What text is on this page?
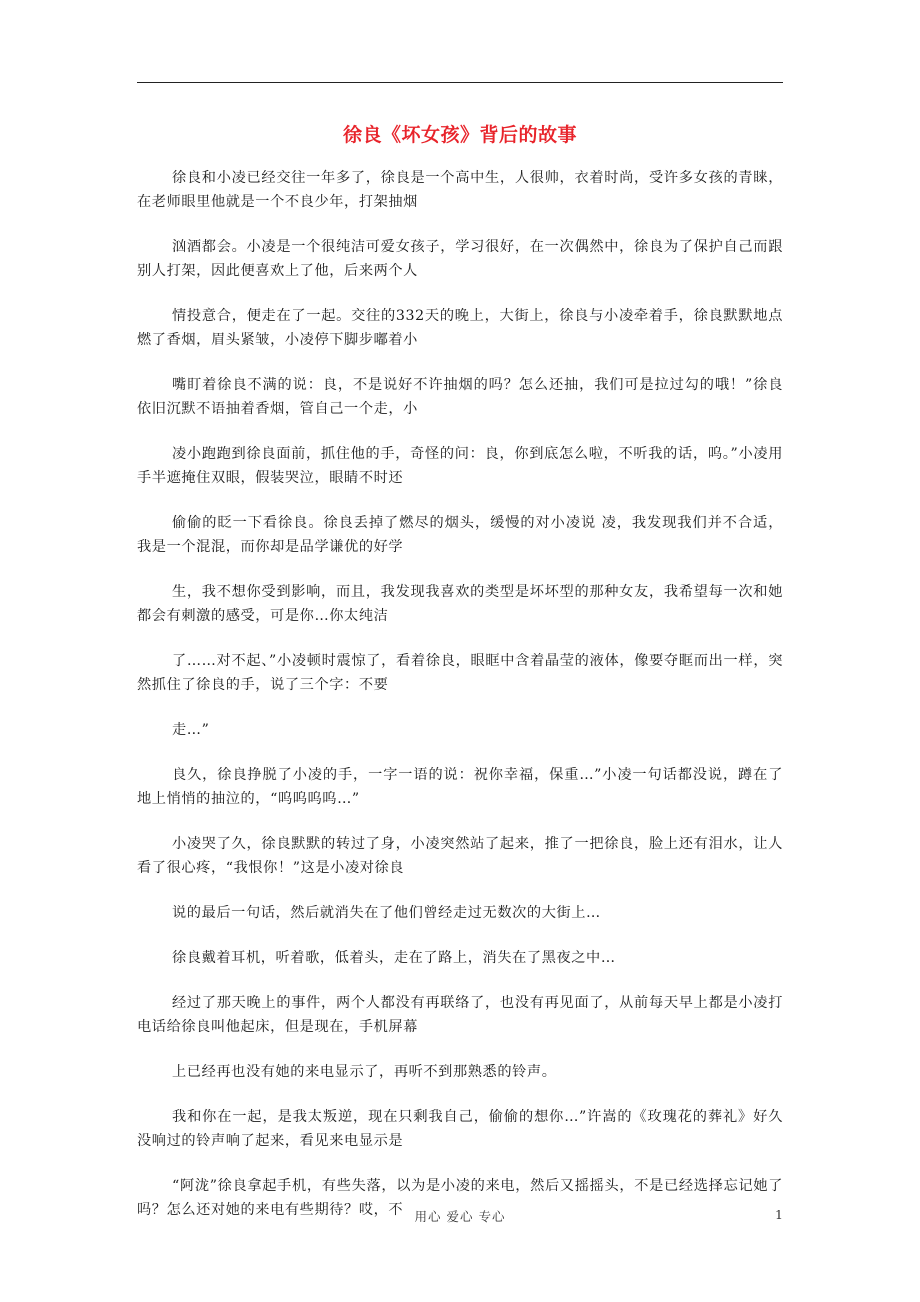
徐良《坏女孩》背后的故事

徐良和小凌已经交往一年多了，徐良是一个高中生，人很帅，衣着时尚，受许多女孩的青睐，在老师眼里他就是一个不良少年，打架抽烟

汹酒都会。小凌是一个很纯洁可爱女孩子，学习很好，在一次偶然中，徐良为了保护自己而跟别人打架，因此便喜欢上了他，后来两个人

情投意合，便走在了一起。交往的332天的晚上，大街上，徐良与小凌牵着手，徐良默默地点燃了香烟，眉头紧皱，小凌停下脚步嘟着小

嘴盯着徐良不满的说：良，不是说好不许抽烟的吗？怎么还抽，我们可是拉过勾的哦！”徐良依旧沉默不语抽着香烟，管自己一个走，小

凌小跑跑到徐良面前，抓住他的手，奇怪的问：良，你到底怎么啦，不听我的话，呜。”小凌用手半遮掩住双眼，假装哭泣，眼睛不时还

偷偷的眨一下看徐良。徐良丢掉了燃尽的烟头，缓慢的对小凌说 凌，我发现我们并不合适，我是一个混混，而你却是品学谦优的好学

生，我不想你受到影响，而且，我发现我喜欢的类型是坏坏型的那种女友，我希望每一次和她都会有刺激的感受，可是你…你太纯洁

了……对不起、”小凌顿时震惊了，看着徐良，眼眶中含着晶莹的液体，像要夺眶而出一样，突然抓住了徐良的手，说了三个字：不要

走…”

良久，徐良挣脱了小凌的手，一字一语的说：祝你幸福，保重…”小凌一句话都没说，蹲在了地上悄悄的抽泣的，“呜呜呜呜…”

小凌哭了久，徐良默默的转过了身，小凌突然站了起来，推了一把徐良，脸上还有泪水，让人看了很心疼，“我恨你！”这是小凌对徐良

说的最后一句话，然后就消失在了他们曾经走过无数次的大街上…

徐良戴着耳机，听着歌，低着头，走在了路上，消失在了黑夜之中…

经过了那天晚上的事件，两个人都没有再联络了，也没有再见面了，从前每天早上都是小凌打电话给徐良叫他起床，但是现在，手机屏幕

上已经再也没有她的来电显示了，再听不到那熟悉的铃声。

我和你在一起，是我太叛逆，现在只剩我自己，偷偷的想你…”许嵩的《玫瑰花的葬礼》好久没响过的铃声响了起来，看见来电显示是

“阿泷”徐良拿起手机，有些失落，以为是小凌的来电，然后又摇摇头，不是已经选择忘记她了吗？怎么还对她的来电有些期待？哎，不 用心 爱心 专心	1
